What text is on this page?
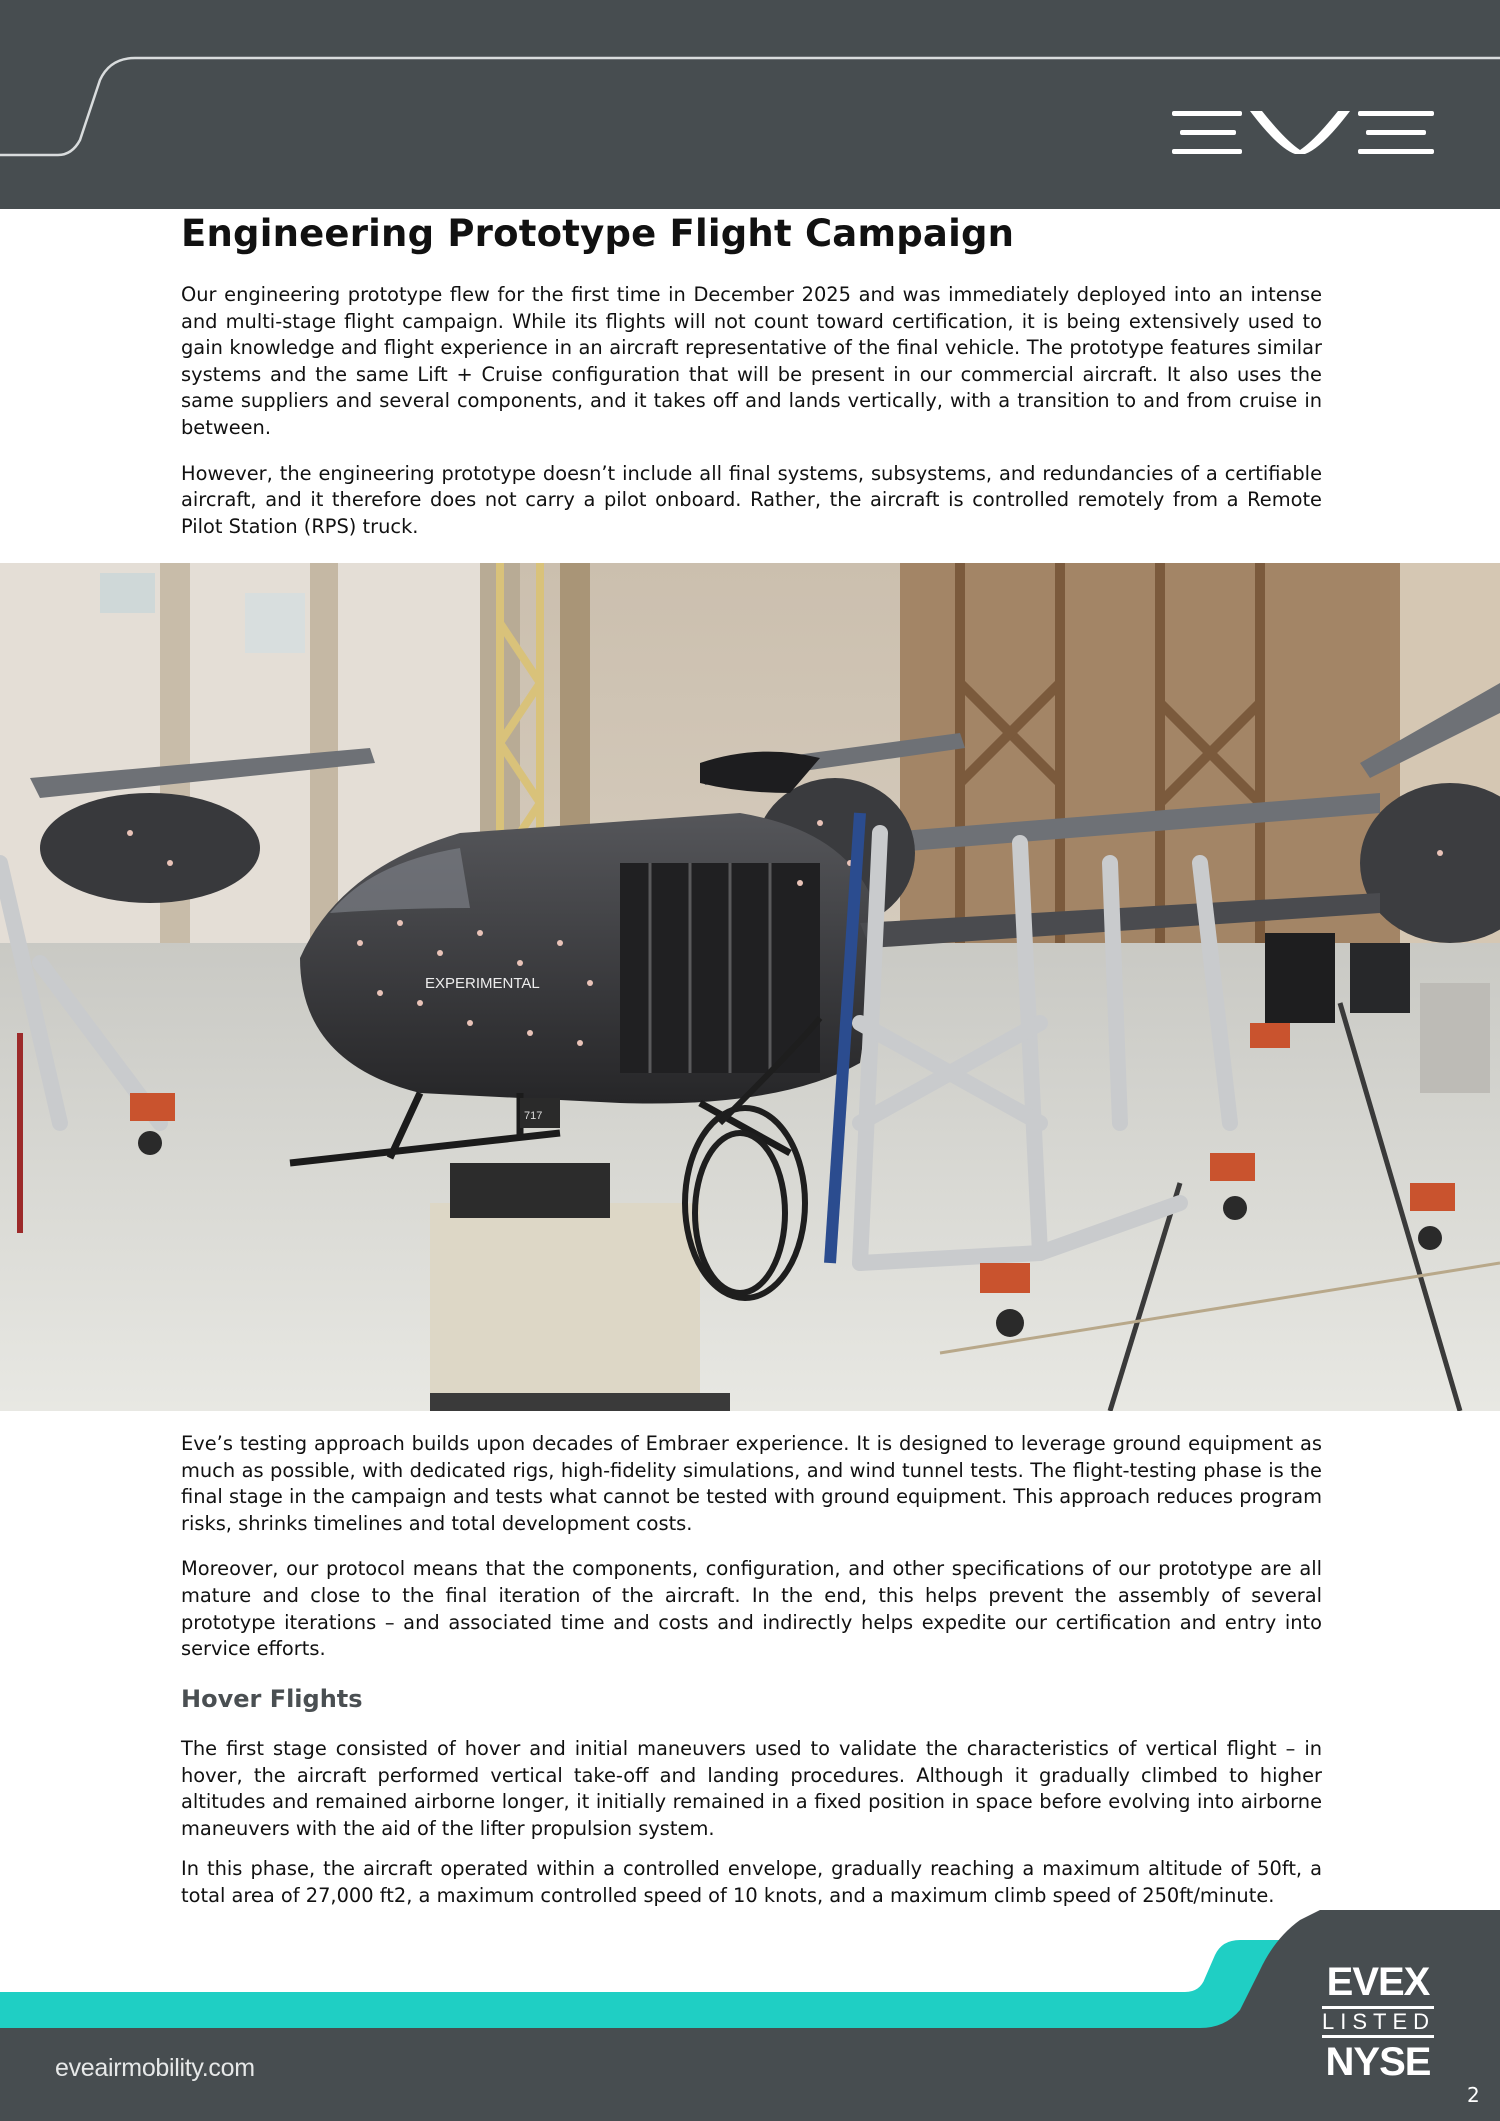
Engineering Prototype Flight Campaign

Our engineering prototype flew for the first time in December 2025 and was immediately deployed into an intense and multi-stage flight campaign. While its flights will not count toward certification, it is being extensively used to gain knowledge and flight experience in an aircraft representative of the final vehicle. The prototype features similar systems and the same Lift + Cruise configuration that will be present in our commercial aircraft. It also uses the same suppliers and several components, and it takes off and lands vertically, with a transition to and from cruise in between.

However, the engineering prototype doesn’t include all final systems, subsystems, and redundancies of a certifiable aircraft, and it therefore does not carry a pilot onboard. Rather, the aircraft is controlled remotely from a Remote Pilot Station (RPS) truck.

EXPERIMENTAL
717

Eve’s testing approach builds upon decades of Embraer experience. It is designed to leverage ground equipment as much as possible, with dedicated rigs, high-fidelity simulations, and wind tunnel tests. The flight-testing phase is the final stage in the campaign and tests what cannot be tested with ground equipment. This approach reduces program risks, shrinks timelines and total development costs.

Moreover, our protocol means that the components, configuration, and other specifications of our prototype are all mature and close to the final iteration of the aircraft. In the end, this helps prevent the assembly of several prototype iterations – and associated time and costs and indirectly helps expedite our certification and entry into service efforts.

Hover Flights

The first stage consisted of hover and initial maneuvers used to validate the characteristics of vertical flight – in hover, the aircraft performed vertical take-off and landing procedures. Although it gradually climbed to higher altitudes and remained airborne longer, it initially remained in a fixed position in space before evolving into airborne maneuvers with the aid of the lifter propulsion system.

In this phase, the aircraft operated within a controlled envelope, gradually reaching a maximum altitude of 50ft, a total area of 27,000 ft2, a maximum controlled speed of 10 knots, and a maximum climb speed of 250ft/minute.

eveairmobility.com
EVEX
LISTED
NYSE
2
